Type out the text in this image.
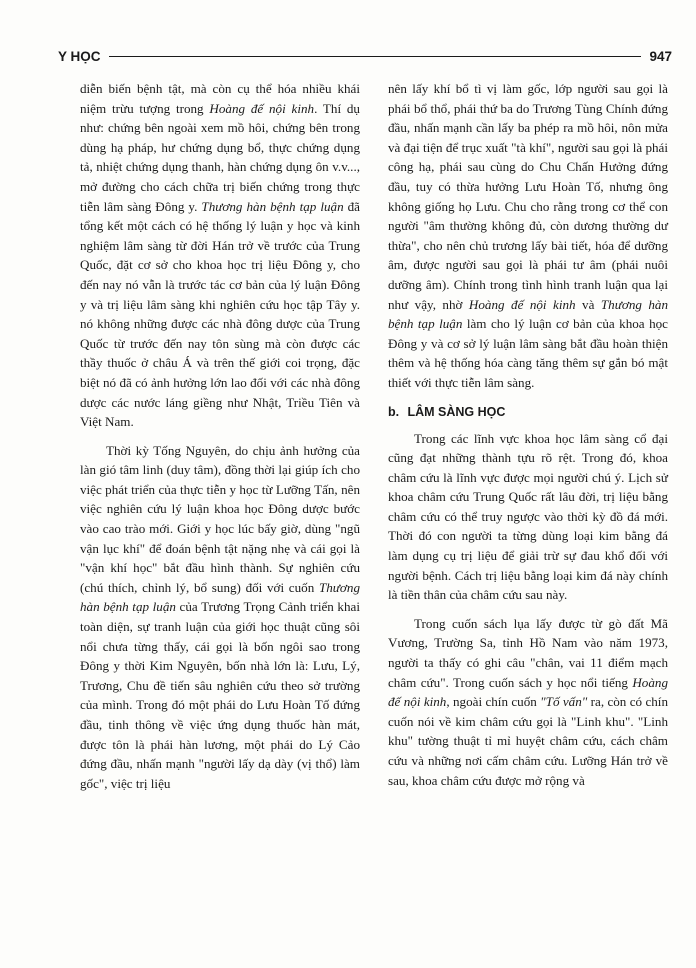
Y HỌC	947

diễn biến bệnh tật, mà còn cụ thể hóa nhiều khái niệm trừu tượng trong Hoàng đế nội kinh. Thí dụ như: chứng bên ngoài xem mồ hôi, chứng bên trong dùng hạ pháp, hư chứng dụng bổ, thực chứng dụng tả, nhiệt chứng dụng thanh, hàn chứng dụng ôn v.v..., mở đường cho cách chữa trị biến chứng trong thực tiễn lâm sàng Đông y. Thương hàn bệnh tạp luận đã tổng kết một cách có hệ thống lý luận y học và kinh nghiệm lâm sàng từ đời Hán trở về trước của Trung Quốc, đặt cơ sở cho khoa học trị liệu Đông y, cho đến nay nó vẫn là trước tác cơ bản của lý luận Đông y và trị liệu lâm sàng khi nghiên cứu học tập Tây y. nó không những được các nhà đông dược của Trung Quốc từ trước đến nay tôn sùng mà còn được các thầy thuốc ở châu Á và trên thế giới coi trọng, đặc biệt nó đã có ảnh hưởng lớn lao đối với các nhà đông dược các nước láng giềng như Nhật, Triều Tiên và Việt Nam.

Thời kỳ Tống Nguyên, do chịu ảnh hưởng của làn gió tâm linh (duy tâm), đồng thời lại giúp ích cho việc phát triển của thực tiễn y học từ Lưỡng Tấn, nên việc nghiên cứu lý luận khoa học Đông dược bước vào cao trào mới. Giới y học lúc bấy giờ, dùng "ngũ vận lục khí" để đoán bệnh tật nặng nhẹ và cái gọi là "vận khí học" bắt đầu hình thành. Sự nghiên cứu (chú thích, chỉnh lý, bổ sung) đối với cuốn Thương hàn bệnh tạp luận của Trương Trọng Cảnh triển khai toàn diện, sự tranh luận của giới học thuật cũng sôi nổi chưa từng thấy, cái gọi là bốn ngôi sao trong Đông y thời Kim Nguyên, bốn nhà lớn là: Lưu, Lý, Trương, Chu đề tiến sâu nghiên cứu theo sở trường của mình. Trong đó một phái do Lưu Hoàn Tố đứng đầu, tinh thông về việc ứng dụng thuốc hàn mát, được tôn là phái hàn lương, một phái do Lý Cảo đứng đầu, nhấn mạnh "người lấy dạ dày (vị thổ) làm gốc", việc trị liệu

nên lấy khí bổ tì vị làm gốc, lớp người sau gọi là phái bổ thổ, phái thứ ba do Trương Tùng Chính đứng đầu, nhấn mạnh cần lấy ba phép ra mồ hôi, nôn mửa và đại tiện để trục xuất "tà khí", người sau gọi là phái công hạ, phái sau cùng do Chu Chấn Hưởng đứng đầu, tuy có thừa hưởng Lưu Hoàn Tố, nhưng ông không giống họ Lưu. Chu cho rằng trong cơ thể con người "âm thường không đủ, còn dương thường dư thừa", cho nên chủ trương lấy bài tiết, hóa để dưỡng âm, được người sau gọi là phái tư âm (phái nuôi dưỡng âm). Chính trong tình hình tranh luận qua lại như vậy, nhờ Hoàng đế nội kinh và Thương hàn bệnh tạp luận làm cho lý luận cơ bản của khoa học Đông y và cơ sở lý luận lâm sàng bắt đầu hoàn thiện thêm và hệ thống hóa càng tăng thêm sự gắn bó mật thiết với thực tiễn lâm sàng.

b. LÂM SÀNG HỌC

Trong các lĩnh vực khoa học lâm sàng cổ đại cũng đạt những thành tựu rõ rệt. Trong đó, khoa châm cứu là lĩnh vực được mọi người chú ý. Lịch sử khoa châm cứu Trung Quốc rất lâu đời, trị liệu bằng châm cứu có thể truy ngược vào thời kỳ đồ đá mới. Thời đó con người ta từng dùng loại kim bằng đá làm dụng cụ trị liệu để giải trừ sự đau khổ đối với người bệnh. Cách trị liệu bằng loại kim đá này chính là tiền thân của châm cứu sau này.

Trong cuốn sách lụa lấy được từ gò đất Mã Vương, Trường Sa, tỉnh Hồ Nam vào năm 1973, người ta thấy có ghi câu "chân, vai 11 điểm mạch châm cứu". Trong cuốn sách y học nổi tiếng Hoàng đế nội kinh, ngoài chín cuốn "Tố vấn" ra, còn có chín cuốn nói về kim châm cứu gọi là "Linh khu". "Linh khu" tường thuật tỉ mỉ huyệt châm cứu, cách châm cứu và những nơi cấm châm cứu. Lưỡng Hán trở về sau, khoa châm cứu được mở rộng và
